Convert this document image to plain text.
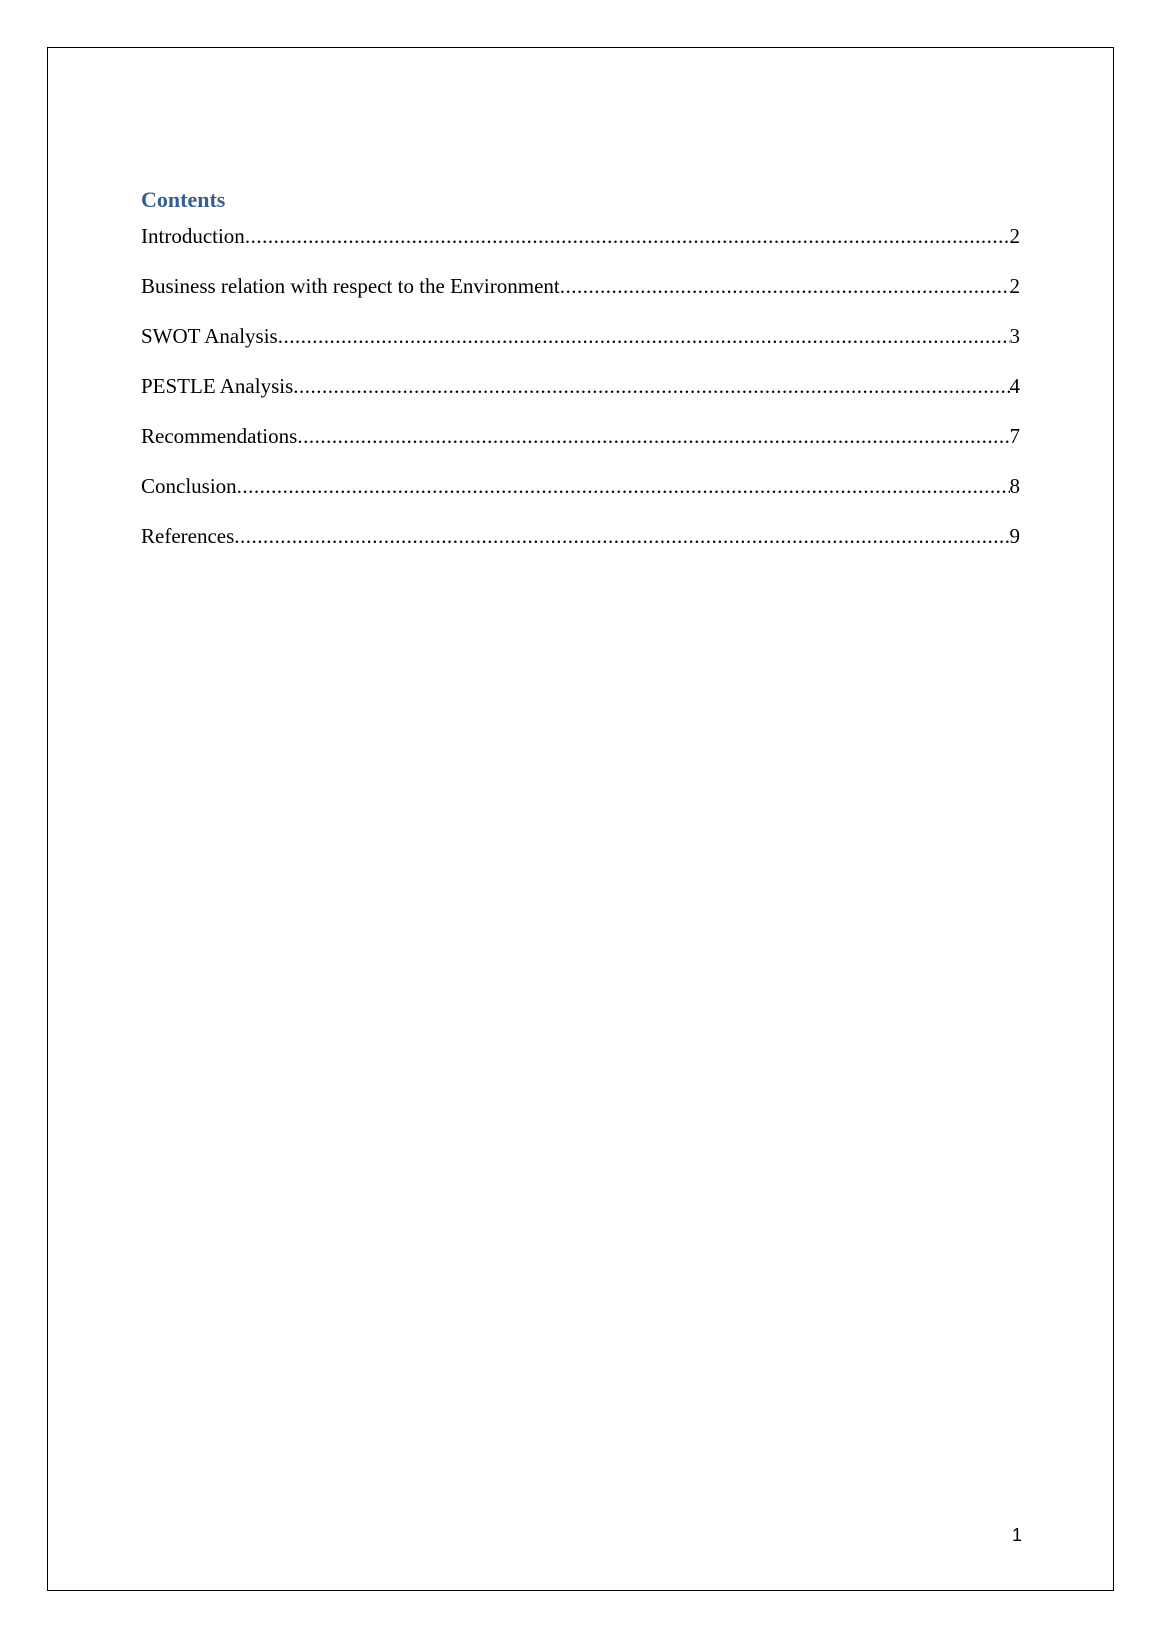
Contents
Introduction .....	2
Business relation with respect to the Environment .....	2
SWOT Analysis .....	3
PESTLE Analysis .....	4
Recommendations .....	7
Conclusion .....	8
References .....	9
1
